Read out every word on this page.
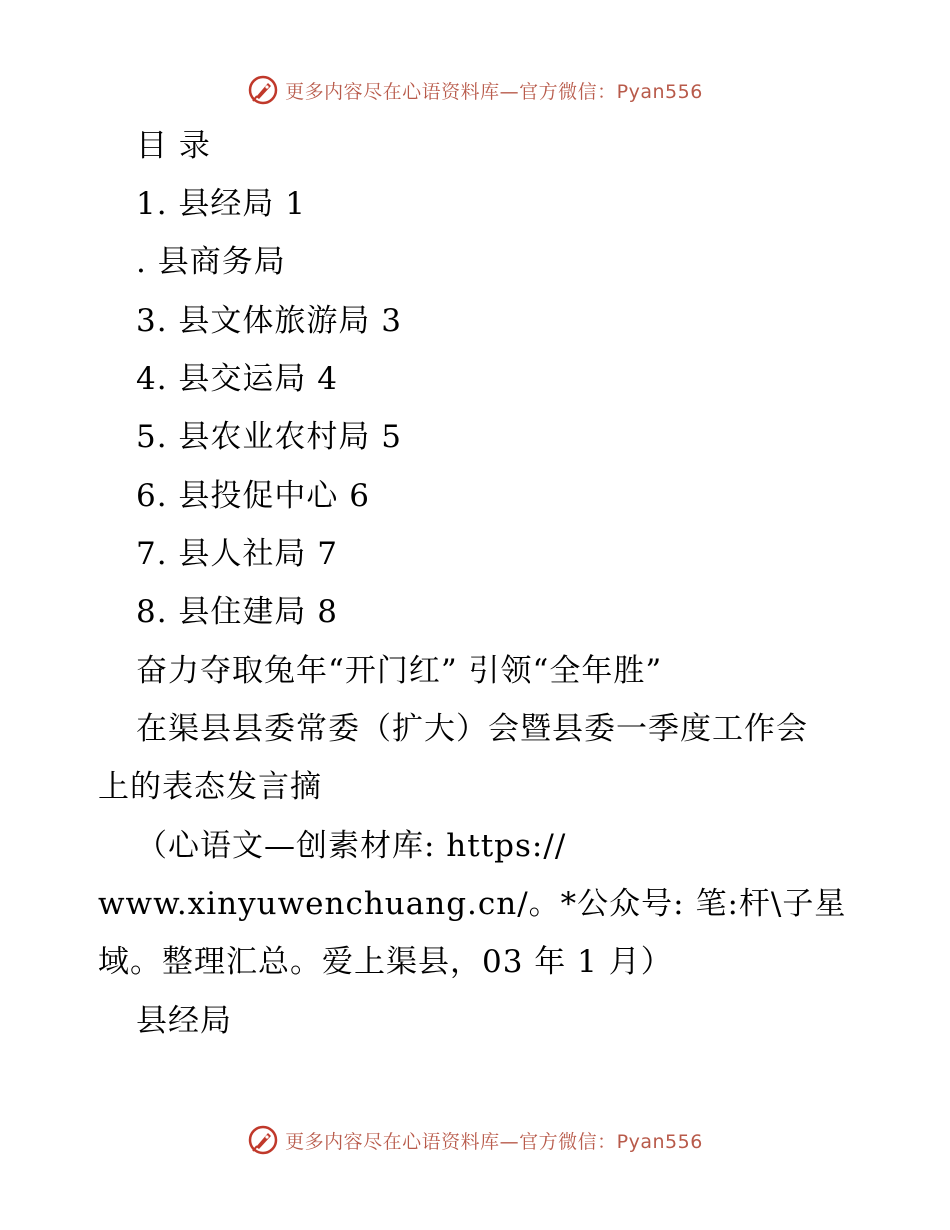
更多内容尽在心语资料库—官方微信：Pyan556
目 录
1. 县经局 1
. 县商务局
3. 县文体旅游局 3
4. 县交运局 4
5. 县农业农村局 5
6. 县投促中心 6
7. 县人社局 7
8. 县住建局 8
奋力夺取兔年“开门红” 引领“全年胜”
在渠县县委常委（扩大）会暨县委一季度工作会
上的表态发言摘
（心语文—创素材库: https://
www.xinyuwenchuang.cn/。*公众号: 笔:杆\子星
域。整理汇总。爱上渠县，03 年 1 月）
县经局
更多内容尽在心语资料库—官方微信：Pyan556
